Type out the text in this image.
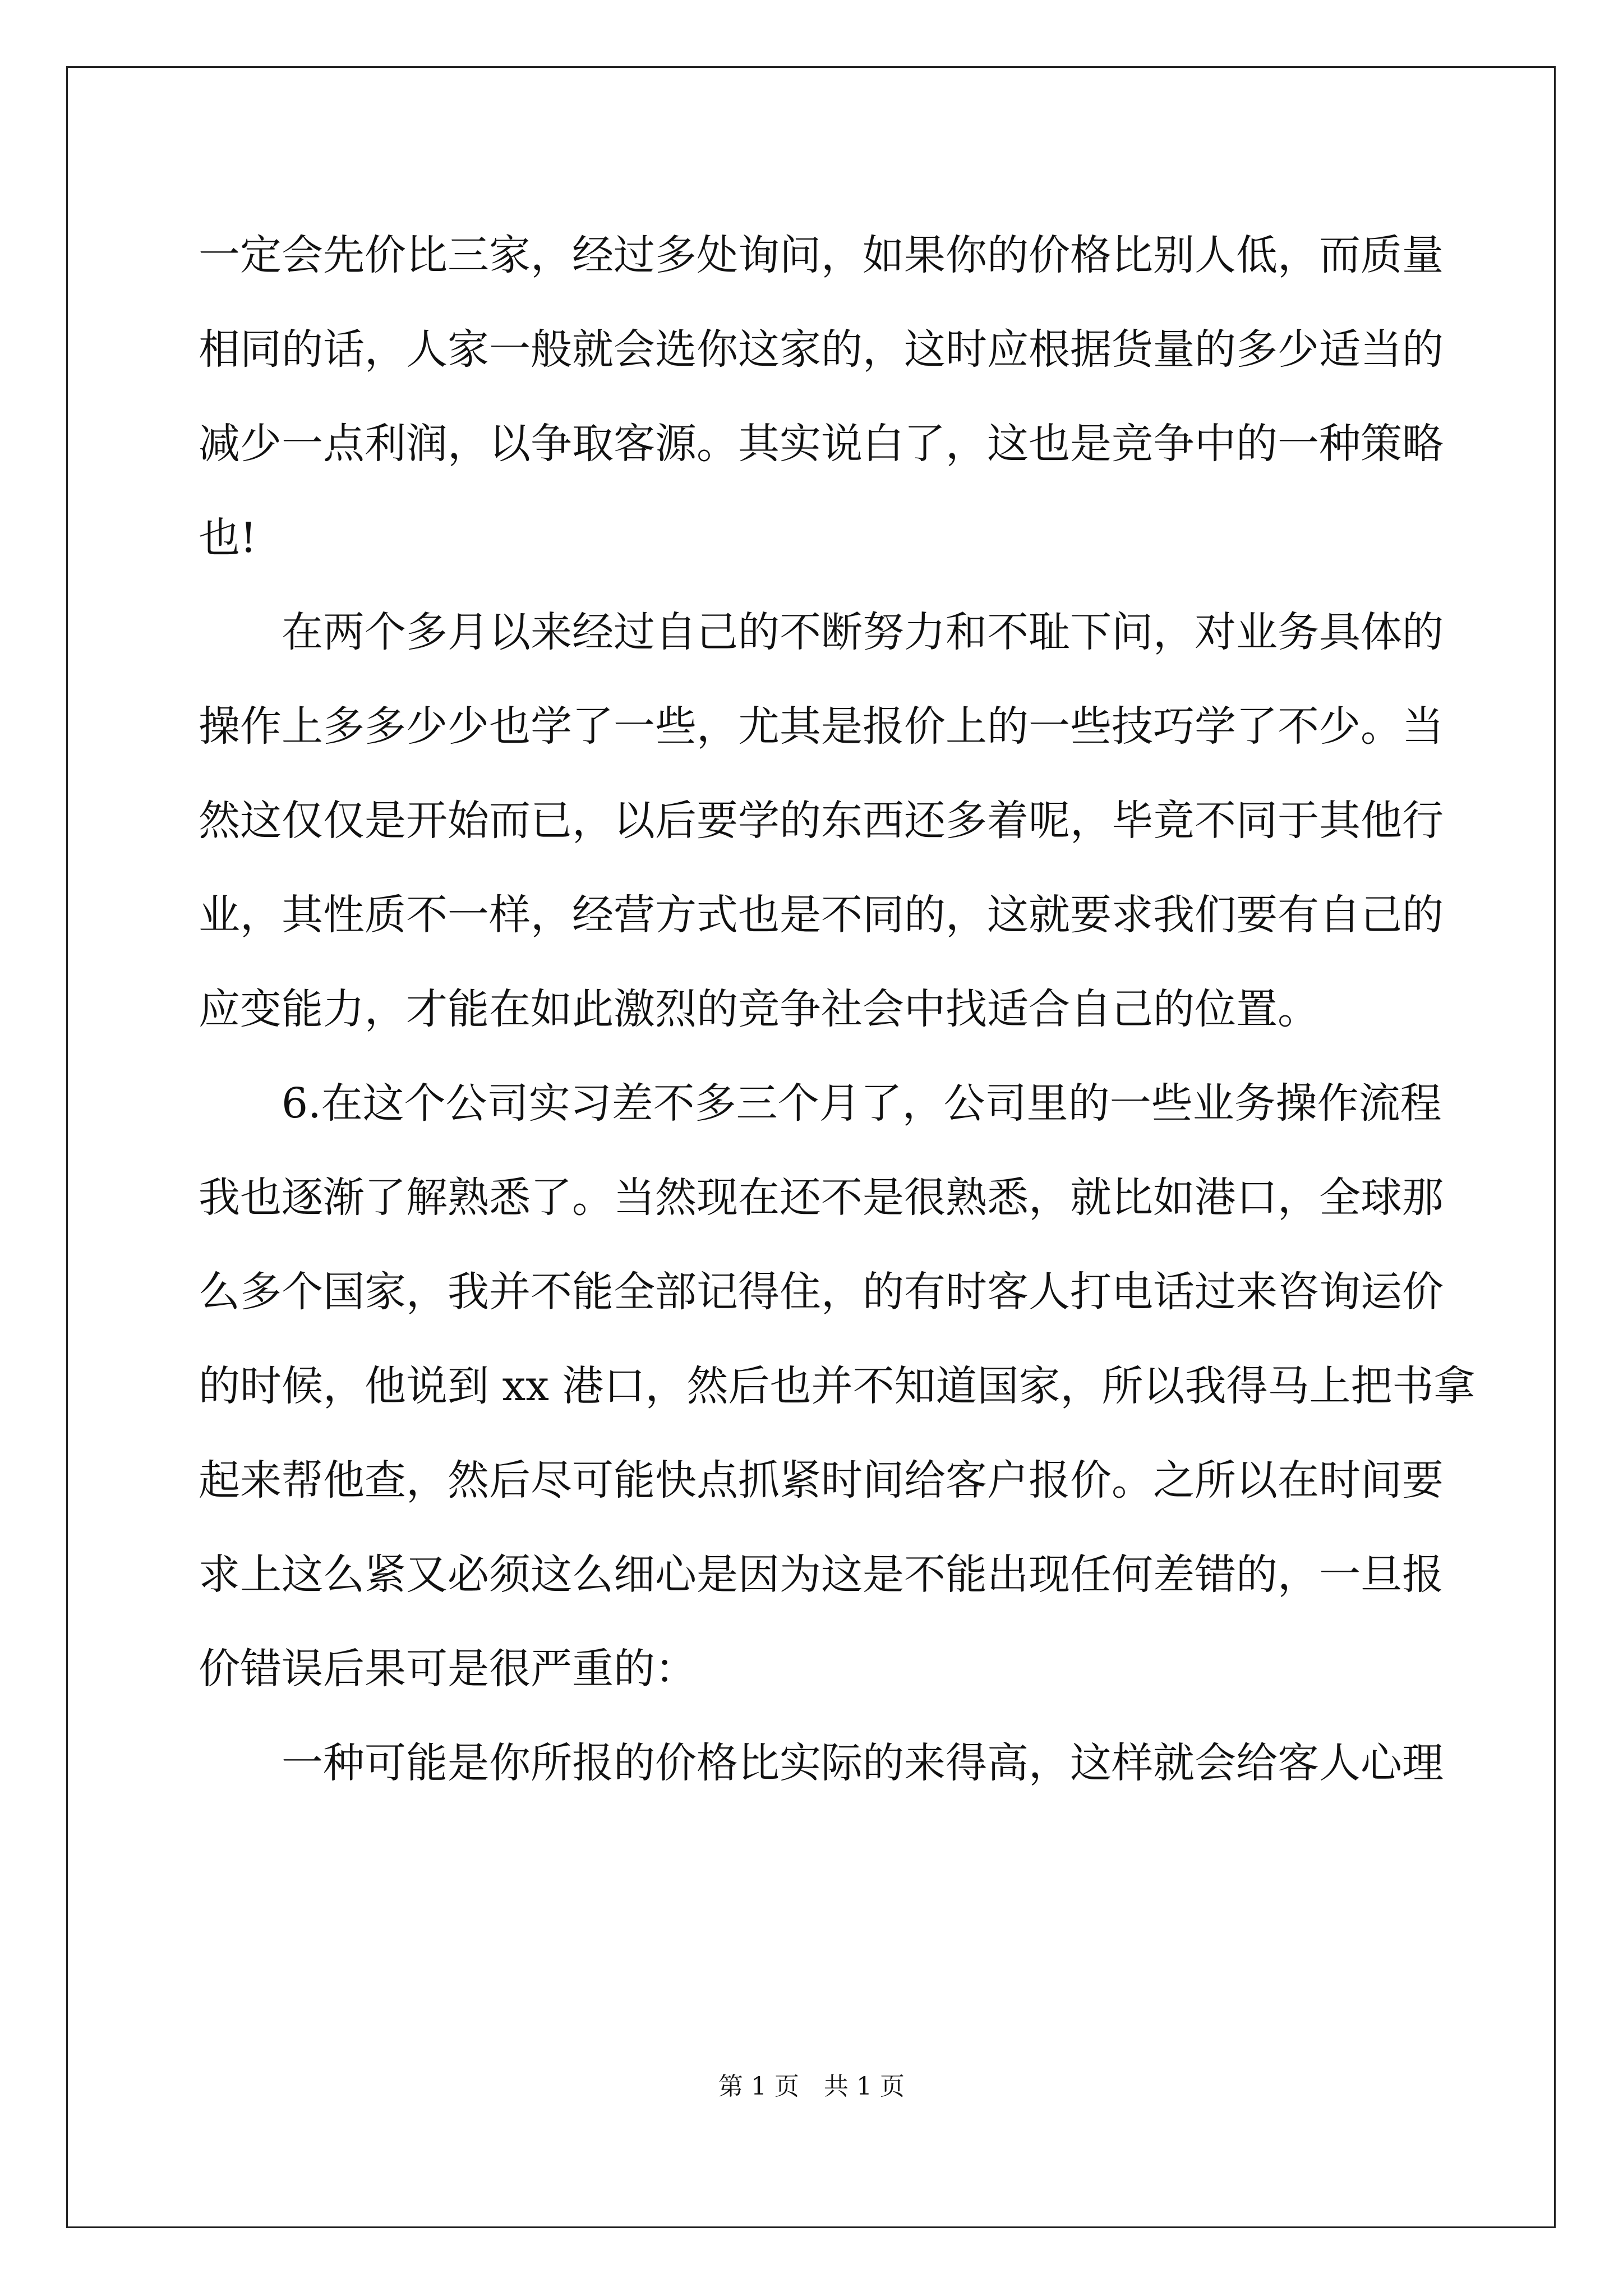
一定会先价比三家，经过多处询问，如果你的价格比别人低，而质量
相同的话，人家一般就会选你这家的，这时应根据货量的多少适当的
减少一点利润，以争取客源。其实说白了，这也是竞争中的一种策略
也!
在两个多月以来经过自己的不断努力和不耻下问，对业务具体的
操作上多多少少也学了一些，尤其是报价上的一些技巧学了不少。当
然这仅仅是开始而已，以后要学的东西还多着呢，毕竟不同于其他行
业，其性质不一样，经营方式也是不同的，这就要求我们要有自己的
应变能力，才能在如此激烈的竞争社会中找适合自己的位置。
6.在这个公司实习差不多三个月了，公司里的一些业务操作流程
我也逐渐了解熟悉了。当然现在还不是很熟悉，就比如港口，全球那
么多个国家，我并不能全部记得住，的有时客人打电话过来咨询运价
的时候，他说到 xx 港口，然后也并不知道国家，所以我得马上把书拿
起来帮他查，然后尽可能快点抓紧时间给客户报价。之所以在时间要
求上这么紧又必须这么细心是因为这是不能出现任何差错的，一旦报
价错误后果可是很严重的：
一种可能是你所报的价格比实际的来得高，这样就会给客人心理
第 1 页　共 1 页
